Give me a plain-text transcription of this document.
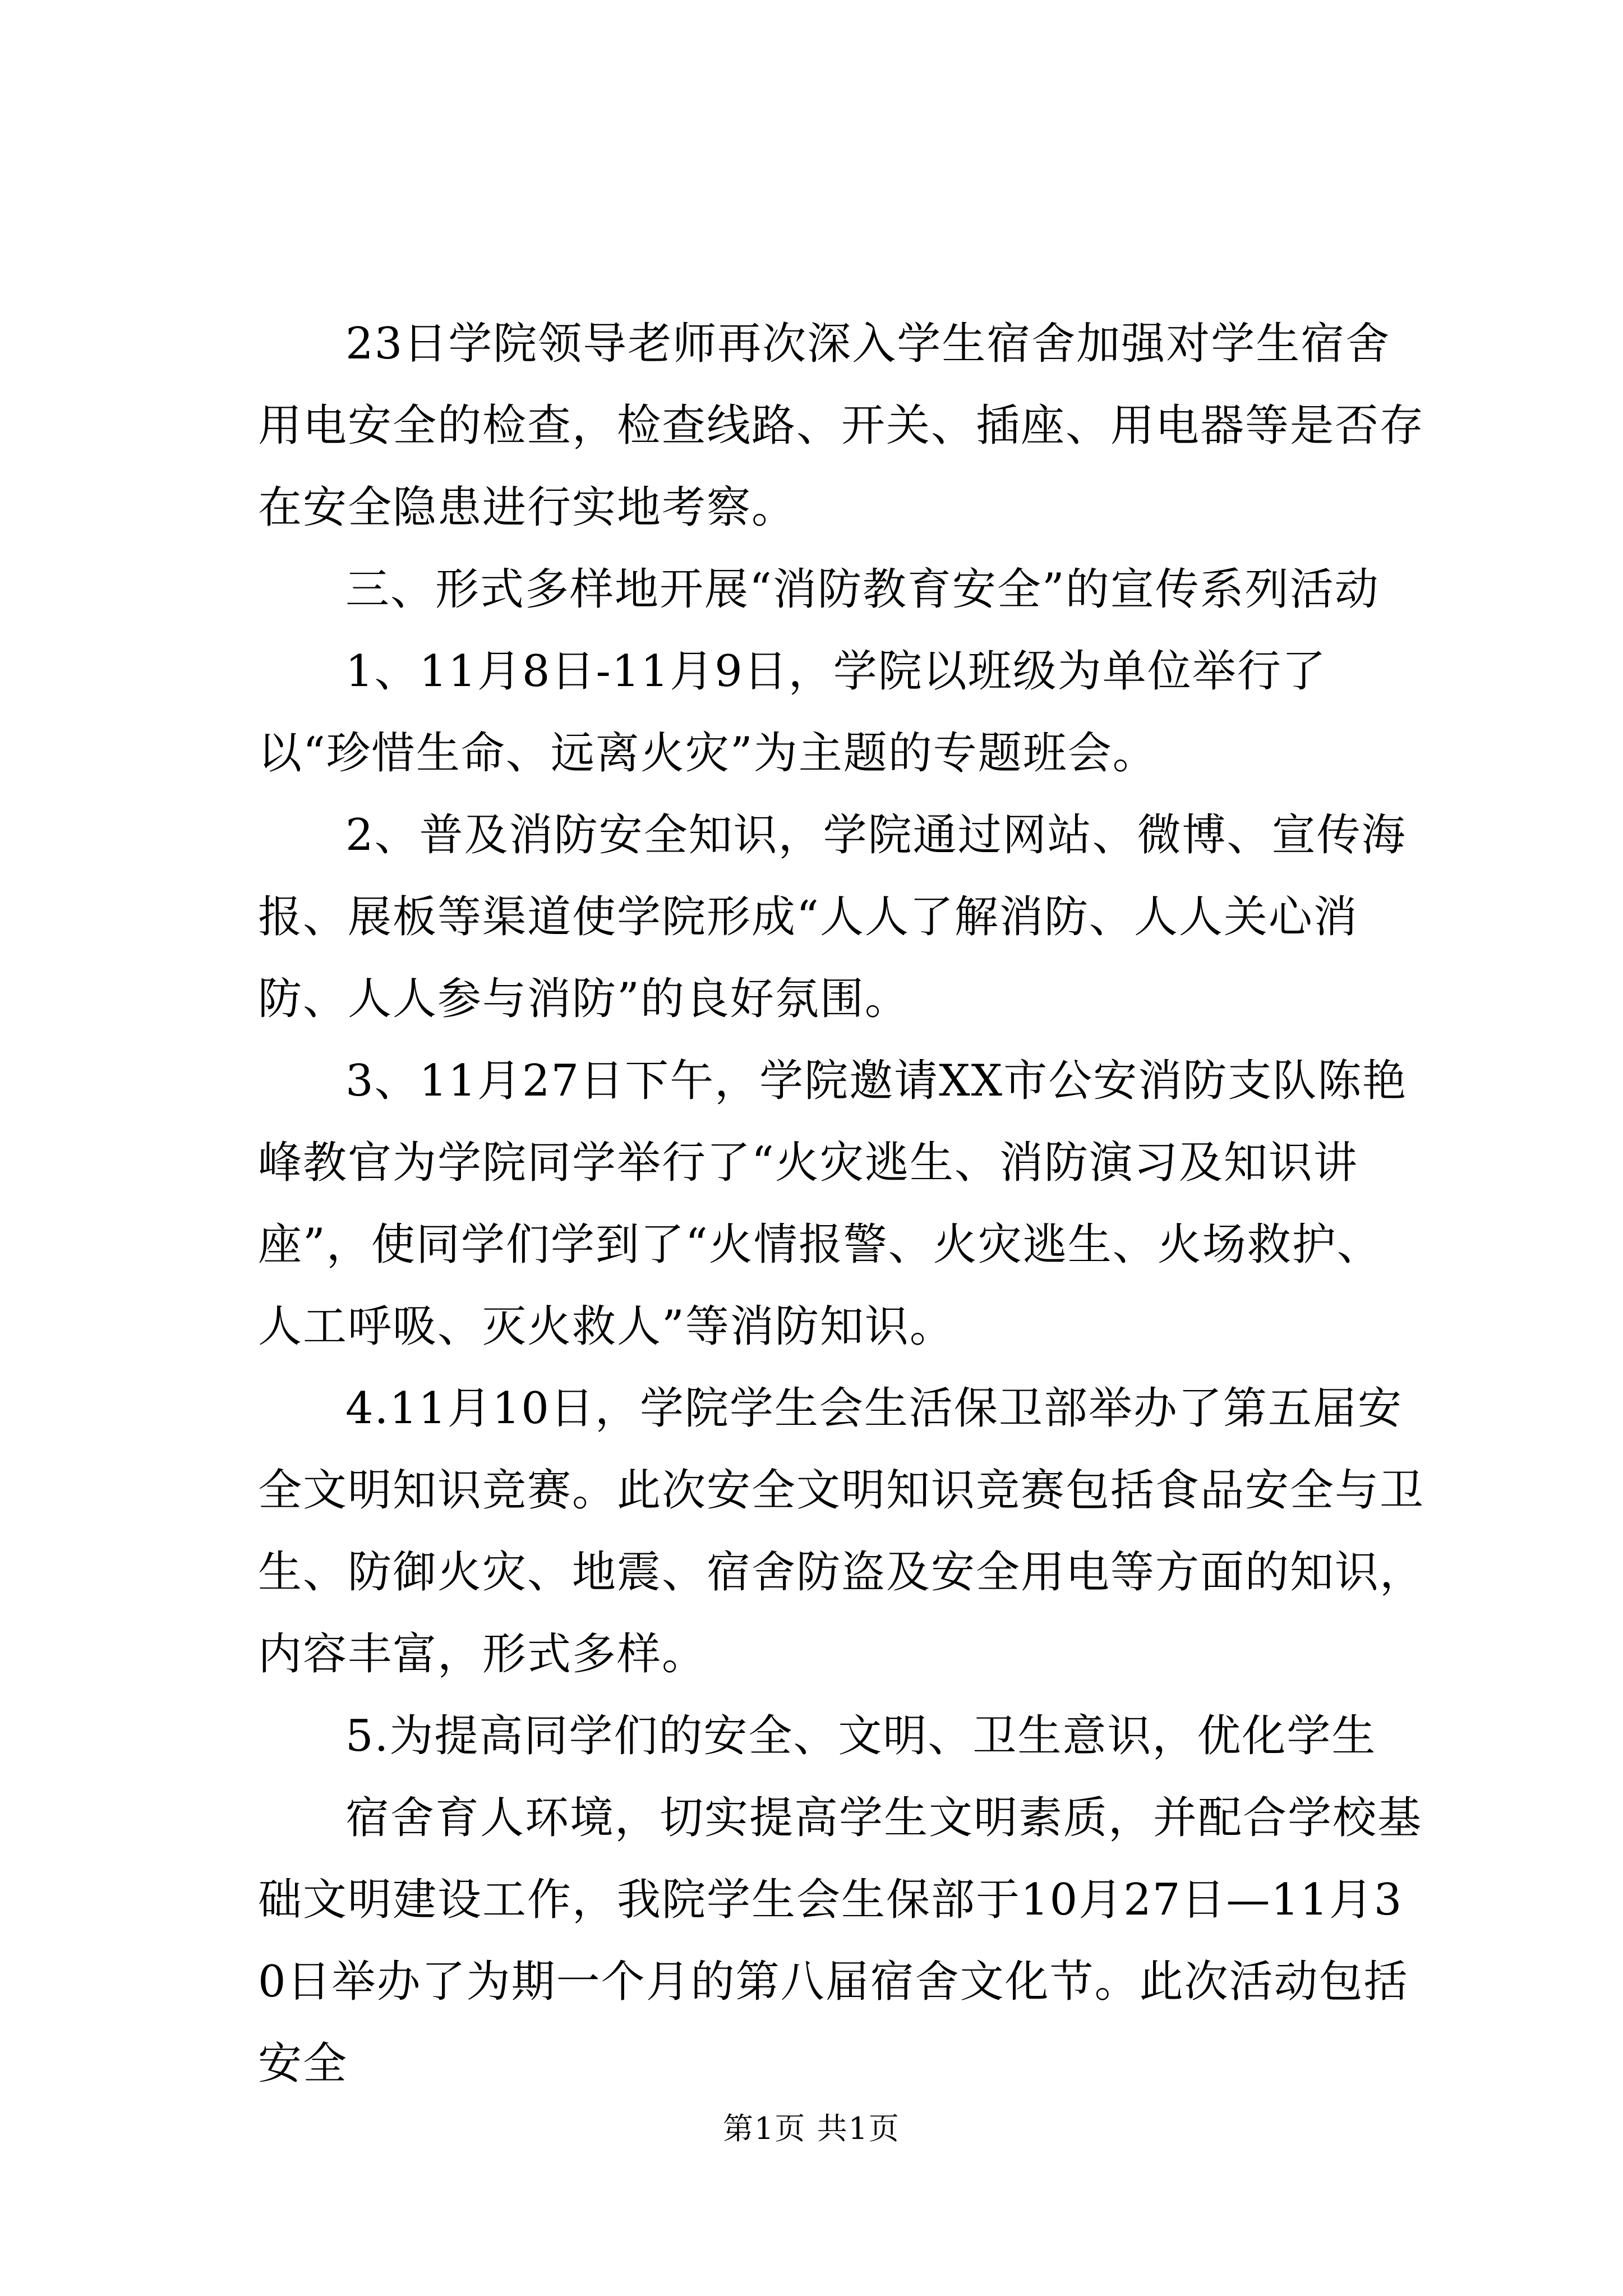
23日学院领导老师再次深入学生宿舍加强对学生宿舍用电安全的检查，检查线路、开关、插座、用电器等是否存在安全隐患进行实地考察。

三、形式多样地开展“消防教育安全”的宣传系列活动

1、11月8日-11月9日，学院以班级为单位举行了以“珍惜生命、远离火灾”为主题的专题班会。

2、普及消防安全知识，学院通过网站、微博、宣传海报、展板等渠道使学院形成“人人了解消防、人人关心消防、人人参与消防”的良好氛围。

3、11月27日下午，学院邀请XX市公安消防支队陈艳峰教官为学院同学举行了“火灾逃生、消防演习及知识讲座”，使同学们学到了“火情报警、火灾逃生、火场救护、人工呼吸、灭火救人”等消防知识。

4.11月10日，学院学生会生活保卫部举办了第五届安全文明知识竞赛。此次安全文明知识竞赛包括食品安全与卫生、防御火灾、地震、宿舍防盗及安全用电等方面的知识，内容丰富，形式多样。

5.为提高同学们的安全、文明、卫生意识，优化学生

宿舍育人环境，切实提高学生文明素质，并配合学校基础文明建设工作，我院学生会生保部于10月27日—11月30日举办了为期一个月的第八届宿舍文化节。此次活动包括安全

第1页 共1页
